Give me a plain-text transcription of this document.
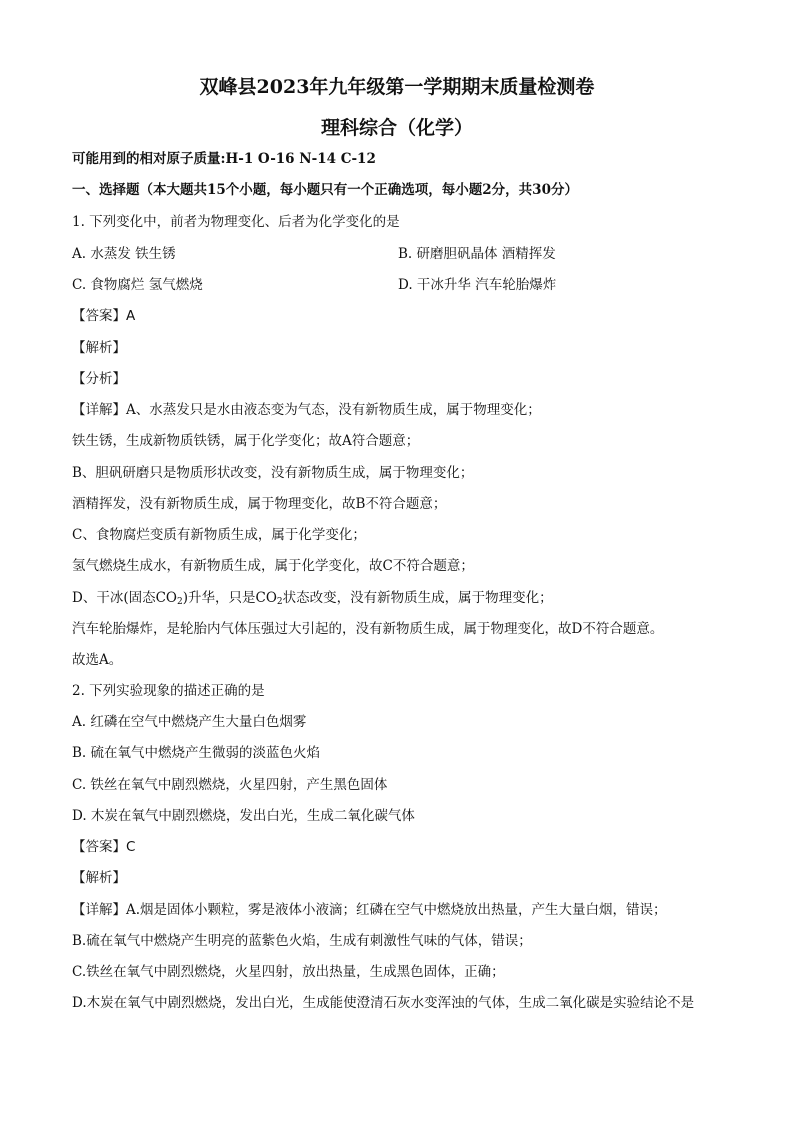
双峰县2023年九年级第一学期期末质量检测卷
理科综合（化学）
可能用到的相对原子质量:H-1 O-16 N-14 C-12
一、选择题（本大题共15个小题，每小题只有一个正确选项，每小题2分，共30分）
1. 下列变化中，前者为物理变化、后者为化学变化的是
A. 水蒸发 铁生锈	B. 研磨胆矾晶体 酒精挥发
C. 食物腐烂 氢气燃烧	D. 干冰升华 汽车轮胎爆炸
【答案】A
【解析】
【分析】
【详解】A、水蒸发只是水由液态变为气态，没有新物质生成，属于物理变化；
铁生锈，生成新物质铁锈，属于化学变化；故A符合题意；
B、胆矾研磨只是物质形状改变，没有新物质生成，属于物理变化；
酒精挥发，没有新物质生成，属于物理变化，故B不符合题意；
C、食物腐烂变质有新物质生成，属于化学变化；
氢气燃烧生成水，有新物质生成，属于化学变化，故C不符合题意；
D、干冰(固态$CO_2$)升华，只是$CO_2$状态改变，没有新物质生成，属于物理变化；
汽车轮胎爆炸，是轮胎内气体压强过大引起的，没有新物质生成，属于物理变化，故D不符合题意。
故选A。
2. 下列实验现象的描述正确的是
A. 红磷在空气中燃烧产生大量白色烟雾
B. 硫在氧气中燃烧产生微弱的淡蓝色火焰
C. 铁丝在氧气中剧烈燃烧，火星四射，产生黑色固体
D. 木炭在氧气中剧烈燃烧，发出白光，生成二氧化碳气体
【答案】C
【解析】
【详解】A.烟是固体小颗粒，雾是液体小液滴；红磷在空气中燃烧放出热量，产生大量白烟，错误；
B.硫在氧气中燃烧产生明亮的蓝紫色火焰，生成有刺激性气味的气体，错误；
C.铁丝在氧气中剧烈燃烧，火星四射，放出热量，生成黑色固体，正确；
D.木炭在氧气中剧烈燃烧，发出白光，生成能使澄清石灰水变浑浊的气体，生成二氧化碳是实验结论不是
